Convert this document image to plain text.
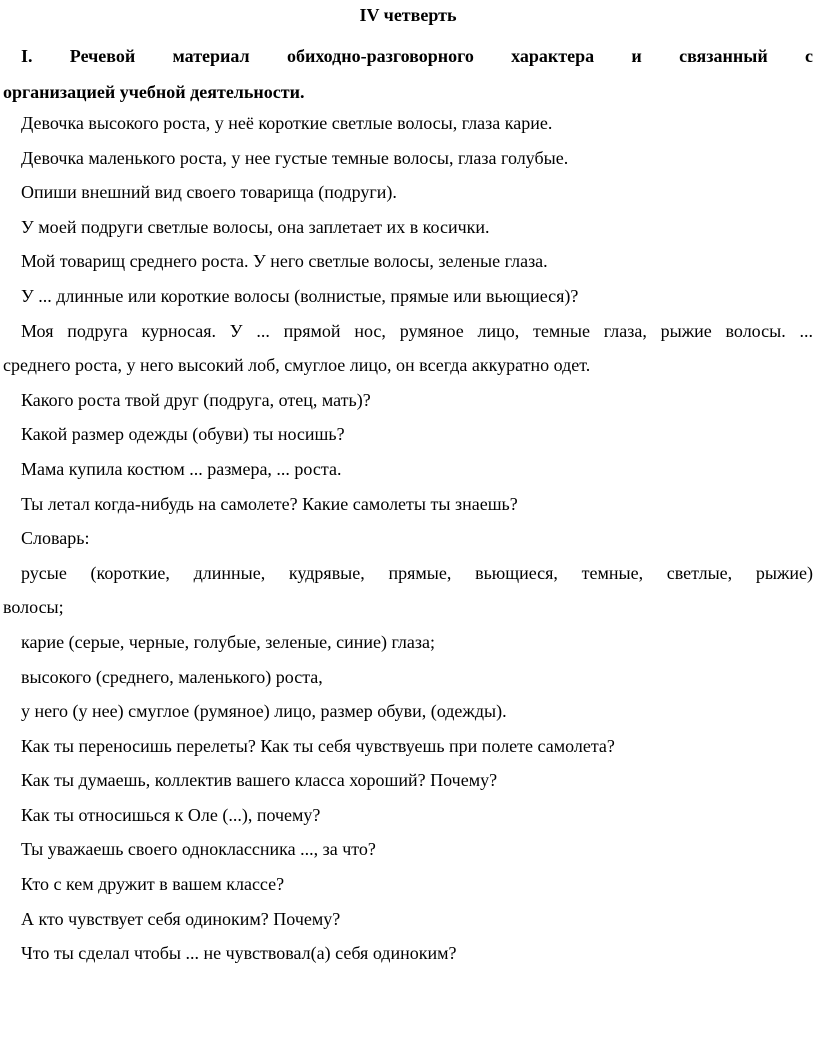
IV четверть
I. Речевой материал обиходно-разговорного характера и связанный с
организацией учебной деятельности.
Девочка высокого роста, у неё короткие светлые волосы, глаза карие.
Девочка маленького роста, у нее густые темные волосы, глаза голубые.
Опиши внешний вид своего товарища (подруги).
У моей подруги светлые волосы, она заплетает их в косички.
Мой товарищ среднего роста. У него светлые волосы, зеленые глаза.
У ... длинные или короткие волосы (волнистые, прямые или вьющиеся)?
Моя подруга курносая. У ... прямой нос, румяное лицо, темные глаза, рыжие волосы. ...
среднего роста, у него высокий лоб, смуглое лицо, он всегда аккуратно одет.
Какого роста твой друг (подруга, отец, мать)?
Какой размер одежды (обуви) ты носишь?
Мама купила костюм ... размера, ... роста.
Ты летал когда-нибудь на самолете? Какие самолеты ты знаешь?
Словарь:
русые (короткие, длинные, кудрявые, прямые, вьющиеся, темные, светлые, рыжие)
волосы;
карие (серые, черные, голубые, зеленые, синие) глаза;
высокого (среднего, маленького) роста,
у него (у нее) смуглое (румяное) лицо, размер обуви, (одежды).
Как ты переносишь перелеты? Как ты себя чувствуешь при полете самолета?
Как ты думаешь, коллектив вашего класса хороший? Почему?
Как ты относишься к Оле (...), почему?
Ты уважаешь своего одноклассника ..., за что?
Кто с кем дружит в вашем классе?
А кто чувствует себя одиноким? Почему?
Что ты сделал чтобы ... не чувствовал(а) себя одиноким?
